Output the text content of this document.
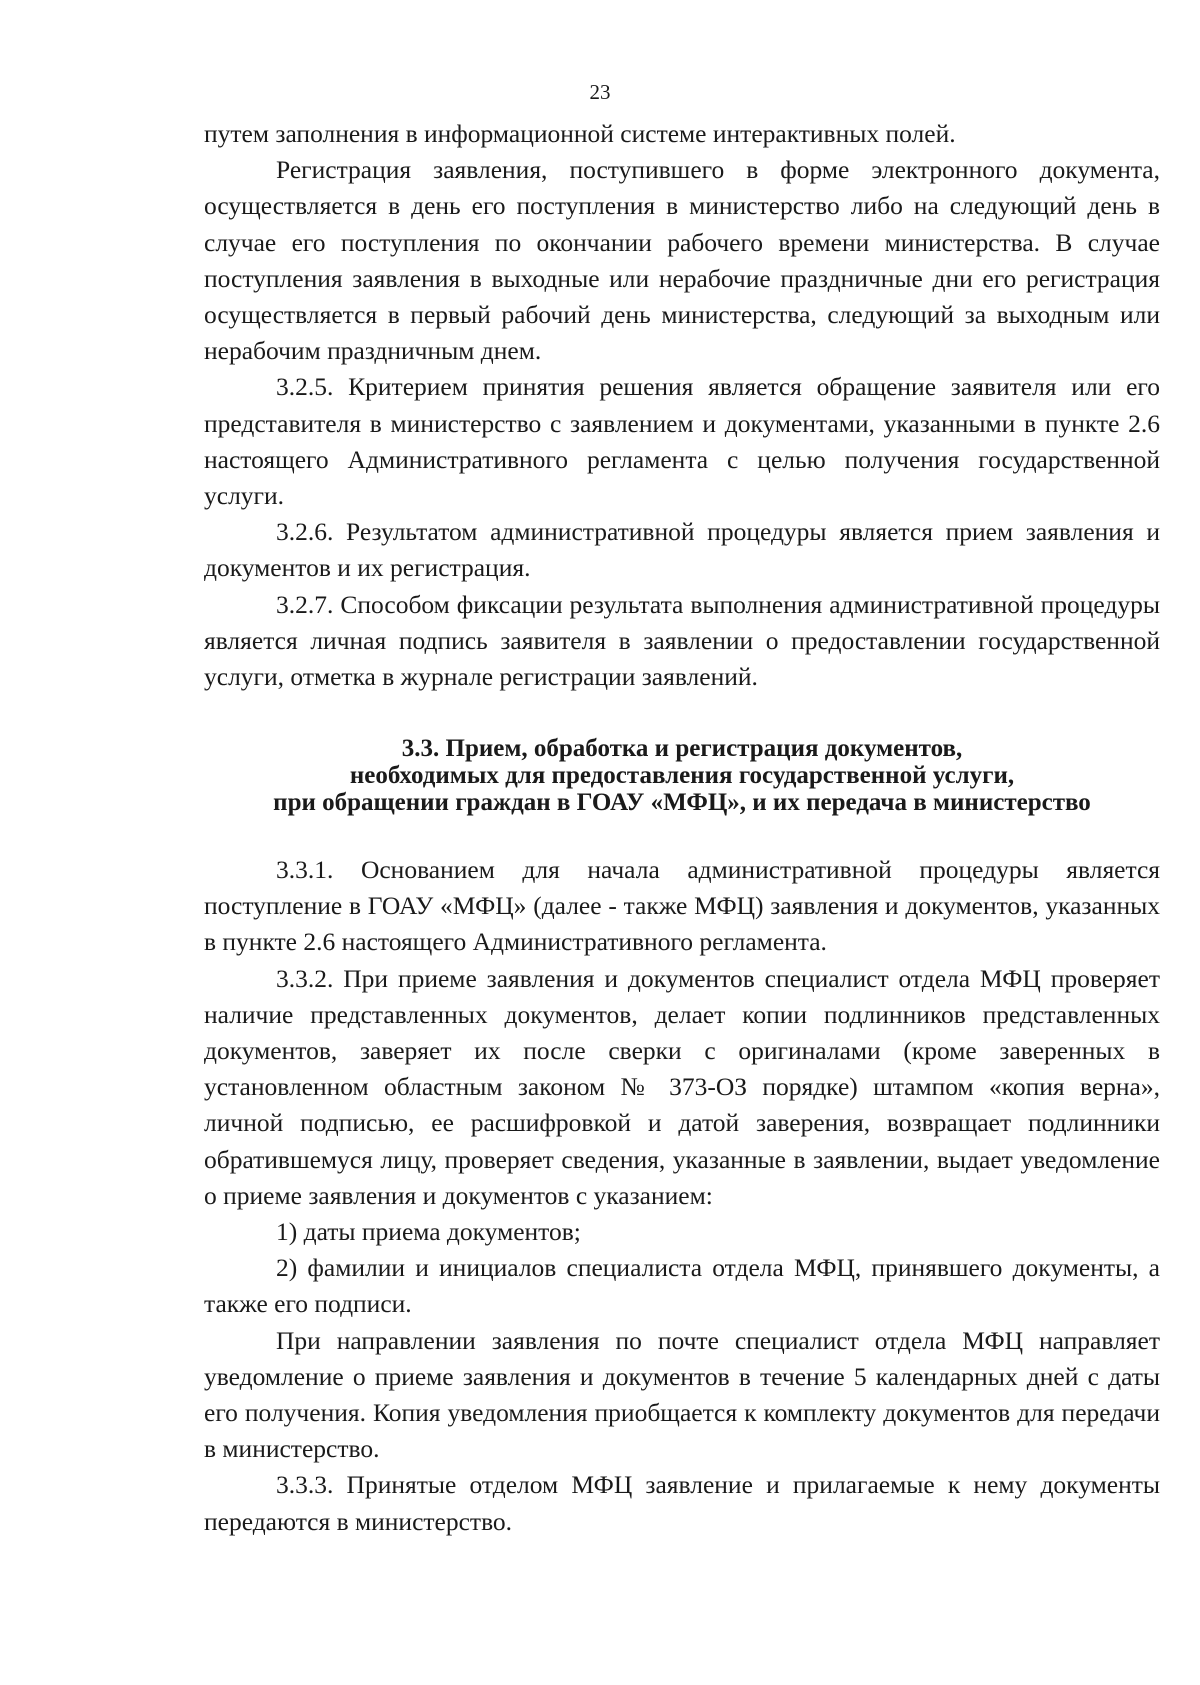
23

путем заполнения в информационной системе интерактивных полей.

Регистрация заявления, поступившего в форме электронного документа, осуществляется в день его поступления в министерство либо на следующий день в случае его поступления по окончании рабочего времени министерства. В случае поступления заявления в выходные или нерабочие праздничные дни его регистрация осуществляется в первый рабочий день министерства, следующий за выходным или нерабочим праздничным днем.

3.2.5. Критерием принятия решения является обращение заявителя или его представителя в министерство с заявлением и документами, указанными в пункте 2.6 настоящего Административного регламента с целью получения государственной услуги.

3.2.6. Результатом административной процедуры является прием заявления и документов и их регистрация.

3.2.7. Способом фиксации результата выполнения административной процедуры является личная подпись заявителя в заявлении о предоставлении государственной услуги, отметка в журнале регистрации заявлений.

3.3. Прием, обработка и регистрация документов,
необходимых для предоставления государственной услуги,
при обращении граждан в ГОАУ «МФЦ», и их передача в министерство

3.3.1. Основанием для начала административной процедуры является поступление в ГОАУ «МФЦ» (далее - также МФЦ) заявления и документов, указанных в пункте 2.6 настоящего Административного регламента.

3.3.2. При приеме заявления и документов специалист отдела МФЦ проверяет наличие представленных документов, делает копии подлинников представленных документов, заверяет их после сверки с оригиналами (кроме заверенных в установленном областным законом № 373-ОЗ порядке) штампом «копия верна», личной подписью, ее расшифровкой и датой заверения, возвращает подлинники обратившемуся лицу, проверяет сведения, указанные в заявлении, выдает уведомление о приеме заявления и документов с указанием:

1) даты приема документов;

2) фамилии и инициалов специалиста отдела МФЦ, принявшего документы, а также его подписи.

При направлении заявления по почте специалист отдела МФЦ направляет уведомление о приеме заявления и документов в течение 5 календарных дней с даты его получения. Копия уведомления приобщается к комплекту документов для передачи в министерство.

3.3.3. Принятые отделом МФЦ заявление и прилагаемые к нему документы передаются в министерство.
